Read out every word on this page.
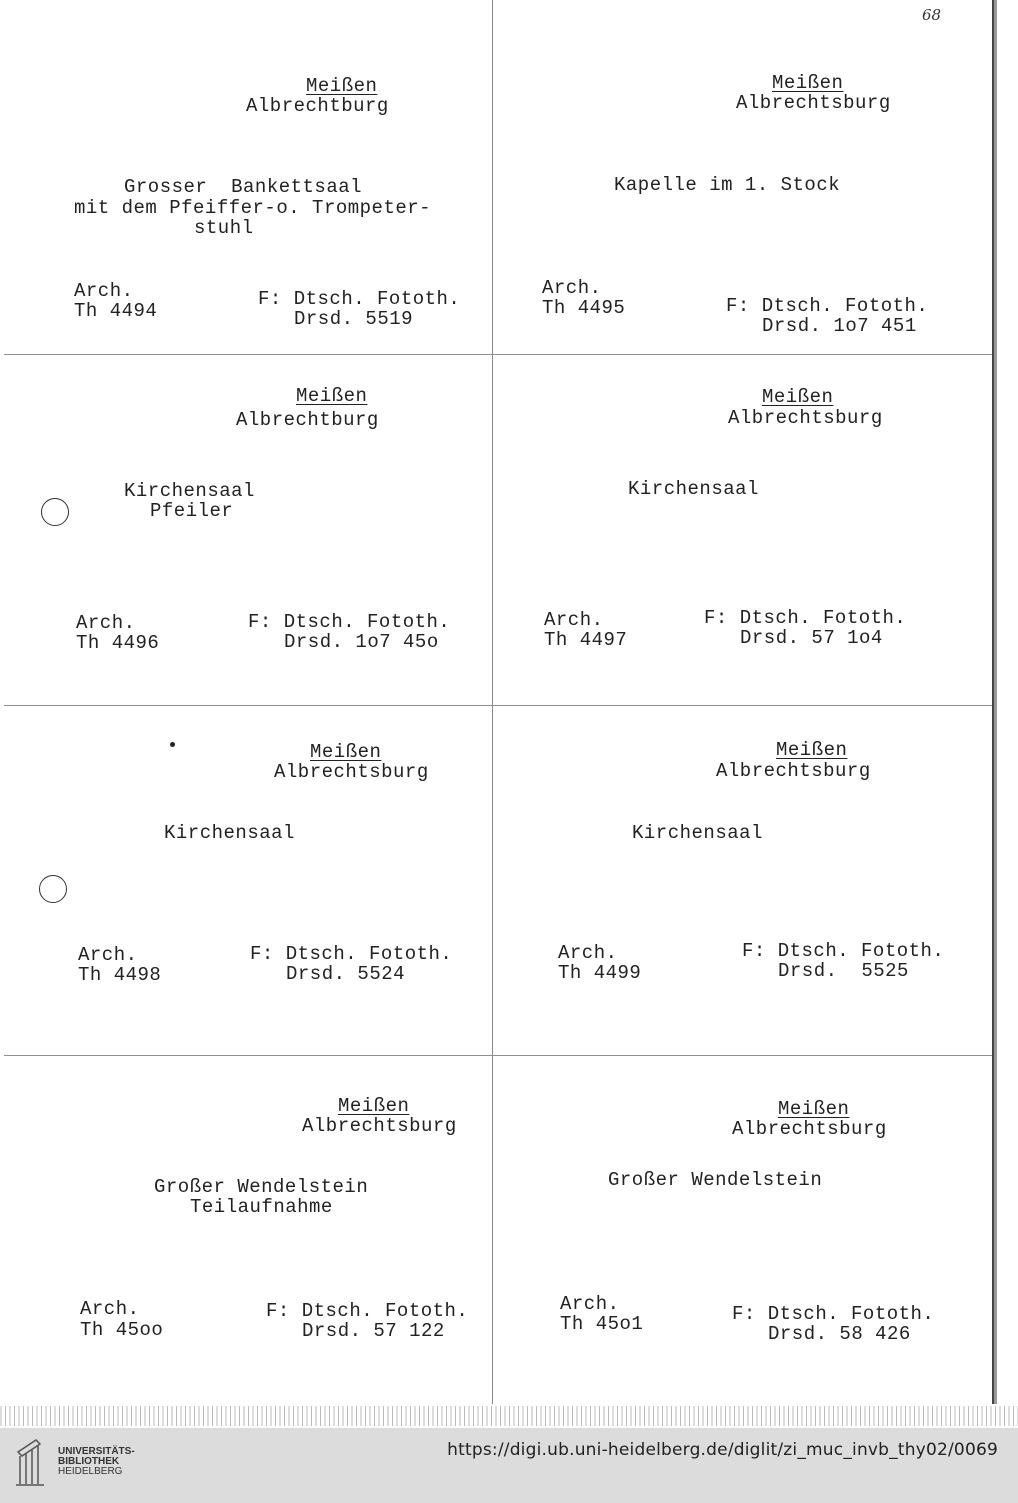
68
Meißen
Albrechtburg
Grosser  Bankettsaal
mit dem Pfeiffer-o. Trompeter-
stuhl
Arch.
Th 4494
F: Dtsch. Fototh.
Drsd. 5519
Meißen
Albrechtsburg
Kapelle im 1. Stock
Arch.
Th 4495	F: Dtsch. Fototh.
Drsd. 1o7 451
Meißen
Albrechtburg
Kirchensaal
Pfeiler
Arch.
Th 4496
F: Dtsch. Fototh.
Drsd. 1o7 45o
Meißen
Albrechtsburg
Kirchensaal
Arch.
Th 4497
F: Dtsch. Fototh.
Drsd. 57 1o4
Meißen
Albrechtsburg
Kirchensaal
Arch.
Th 4498
F: Dtsch. Fototh.
Drsd. 5524
Meißen
Albrechtsburg
Kirchensaal
Arch.
Th 4499
F: Dtsch. Fototh.
Drsd.  5525
Meißen
Albrechtsburg
Großer Wendelstein
Teilaufnahme
Arch.
Th 45oo
F: Dtsch. Fototh.
Drsd. 57 122
Meißen
Albrechtsburg
Großer Wendelstein
Arch.
Th 45o1	F: Dtsch. Fototh.
Drsd. 58 426
UNIVERSITÄTS-
BIBLIOTHEK
HEIDELBERG
https://digi.ub.uni-heidelberg.de/diglit/zi_muc_invb_thy02/0069
